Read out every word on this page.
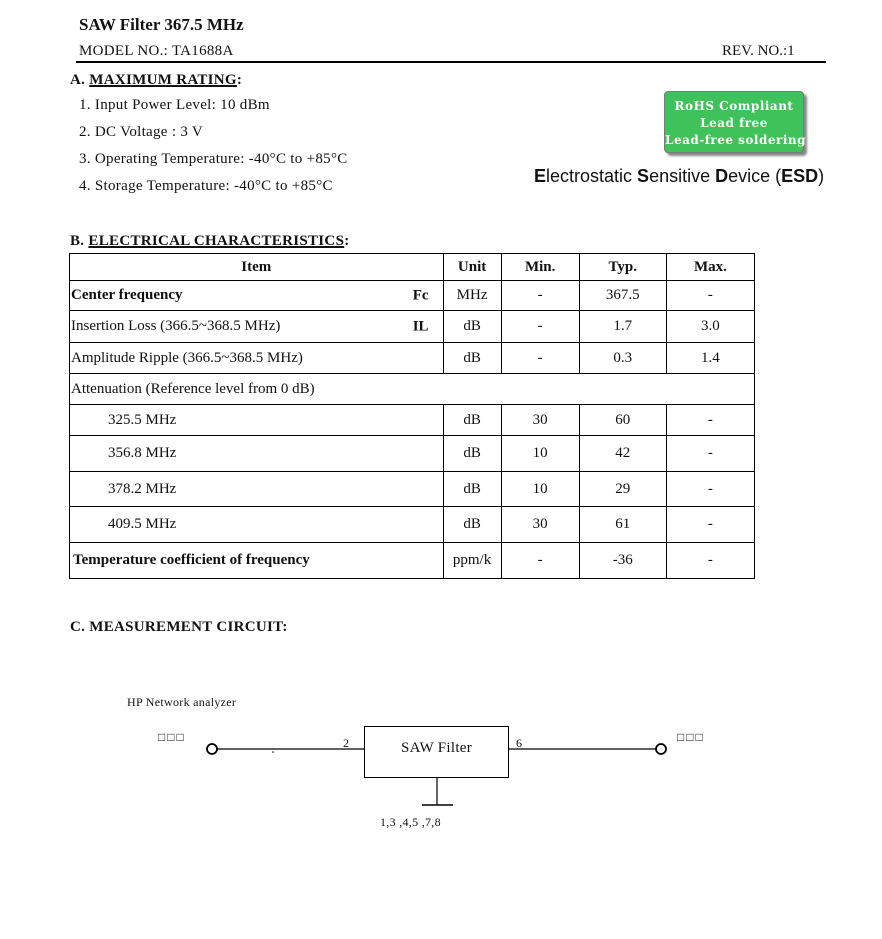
SAW Filter 367.5 MHz
MODEL NO.: TA1688A	REV. NO.:1
A. MAXIMUM RATING:
1. Input Power Level: 10 dBm
2. DC Voltage : 3 V
3. Operating Temperature: -40°C to +85°C
4. Storage Temperature: -40°C to +85°C
RoHS Compliant
Lead free
Lead-free soldering
Electrostatic Sensitive Device (ESD)
B. ELECTRICAL CHARACTERISTICS:
Item	Unit	Min.	Typ.	Max.
Center frequency Fc	MHz	-	367.5	-
Insertion Loss (366.5~368.5 MHz) IL	dB	-	1.7	3.0
Amplitude Ripple (366.5~368.5 MHz)	dB	-	0.3	1.4
Attenuation (Reference level from 0 dB)				
325.5 MHz	dB	30	60	-
356.8 MHz	dB	10	42	-
378.2 MHz	dB	10	29	-
409.5 MHz	dB	30	61	-
Temperature coefficient of frequency	ppm/k	-	-36	-
C. MEASUREMENT CIRCUIT:
HP Network analyzer
□□□	□□□
2	6
SAW Filter
1,3 ,4,5 ,7,8
